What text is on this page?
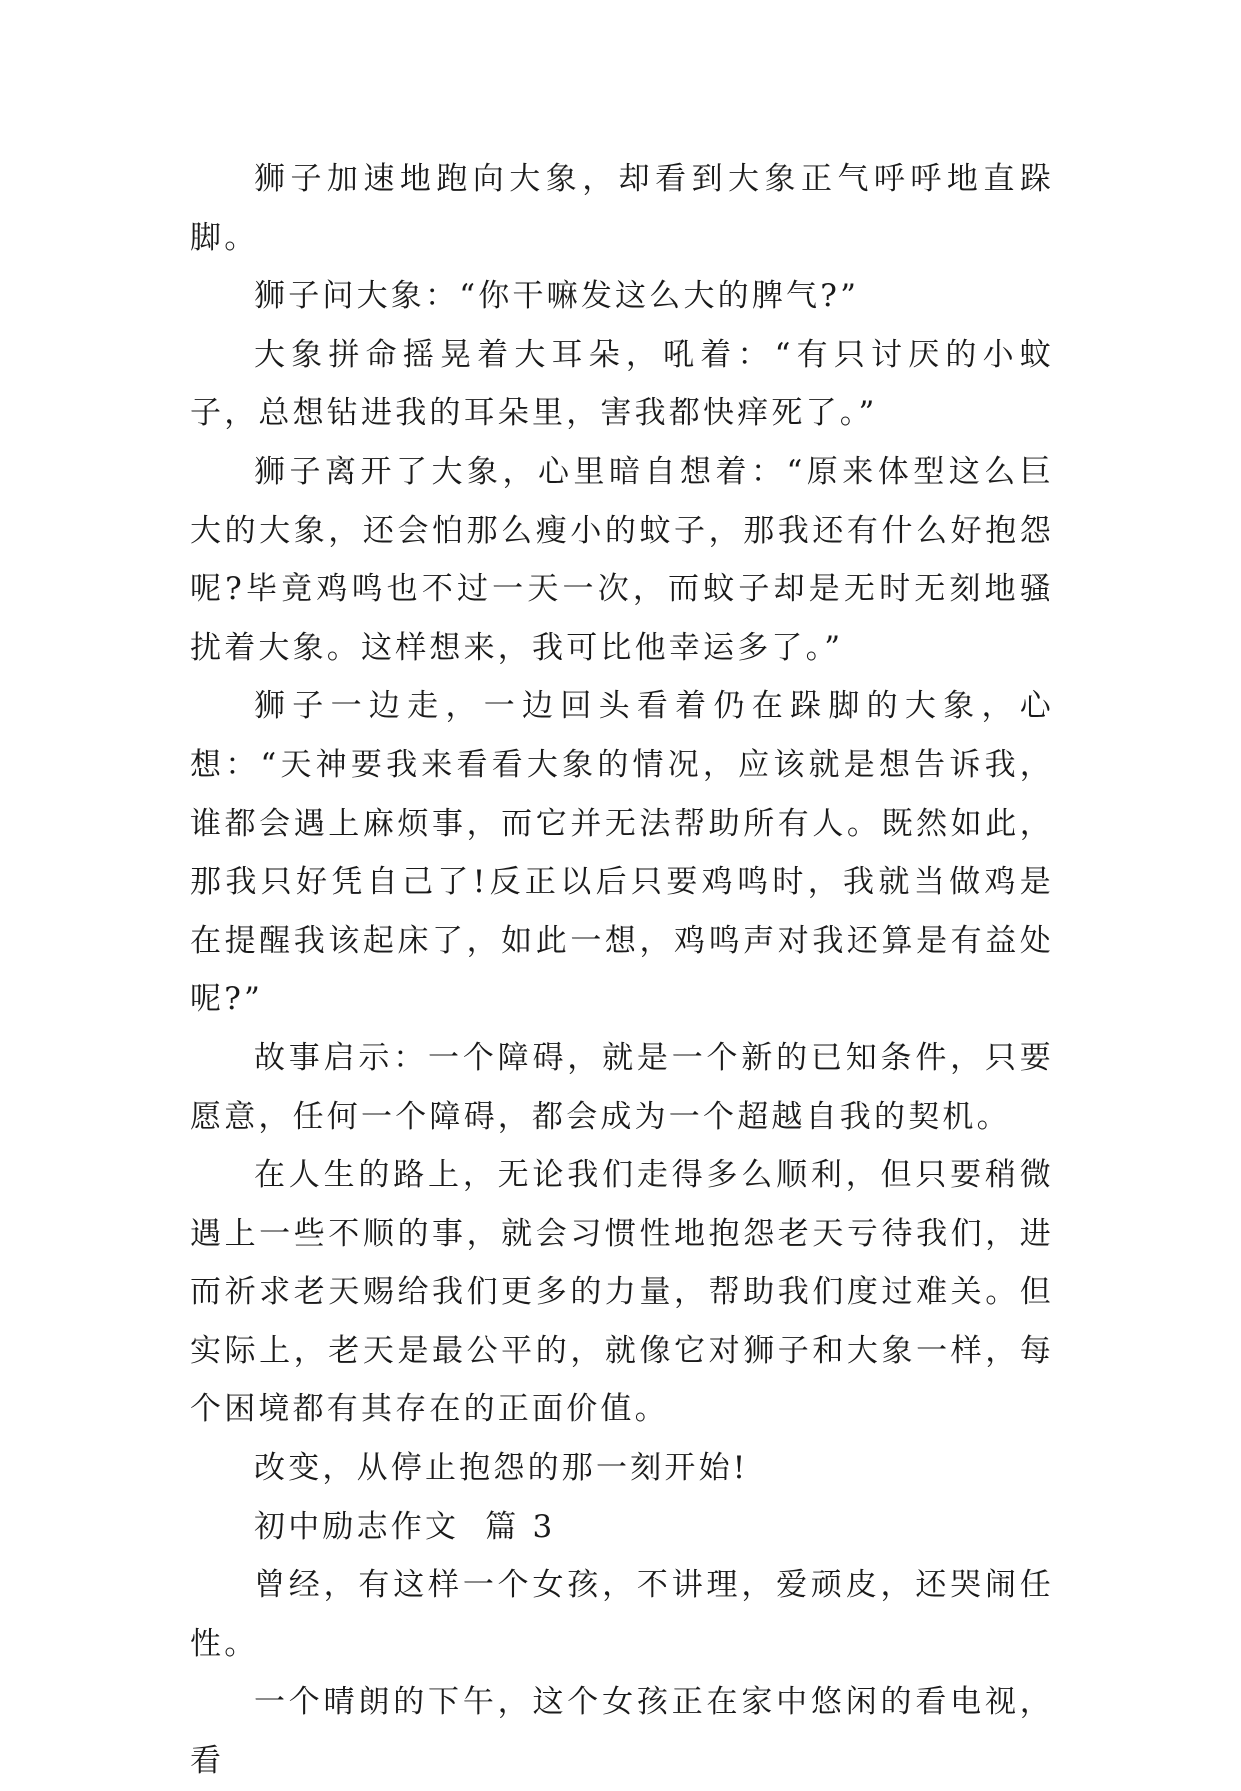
狮子加速地跑向大象，却看到大象正气呼呼地直跺脚。

狮子问大象：“你干嘛发这么大的脾气?”

大象拼命摇晃着大耳朵，吼着：“有只讨厌的小蚊子，总想钻进我的耳朵里，害我都快痒死了。”

狮子离开了大象，心里暗自想着：“原来体型这么巨大的大象，还会怕那么瘦小的蚊子，那我还有什么好抱怨呢?毕竟鸡鸣也不过一天一次，而蚊子却是无时无刻地骚扰着大象。这样想来，我可比他幸运多了。”

狮子一边走，一边回头看着仍在跺脚的大象，心想：“天神要我来看看大象的情况，应该就是想告诉我，谁都会遇上麻烦事，而它并无法帮助所有人。既然如此，那我只好凭自己了!反正以后只要鸡鸣时，我就当做鸡是在提醒我该起床了，如此一想，鸡鸣声对我还算是有益处呢?”

故事启示：一个障碍，就是一个新的已知条件，只要愿意，任何一个障碍，都会成为一个超越自我的契机。

在人生的路上，无论我们走得多么顺利，但只要稍微遇上一些不顺的事，就会习惯性地抱怨老天亏待我们，进而祈求老天赐给我们更多的力量，帮助我们度过难关。但实际上，老天是最公平的，就像它对狮子和大象一样，每个困境都有其存在的正面价值。

改变，从停止抱怨的那一刻开始!

初中励志作文  篇 3

曾经，有这样一个女孩，不讲理，爱顽皮，还哭闹任性。

一个晴朗的下午，这个女孩正在家中悠闲的看电视，看
